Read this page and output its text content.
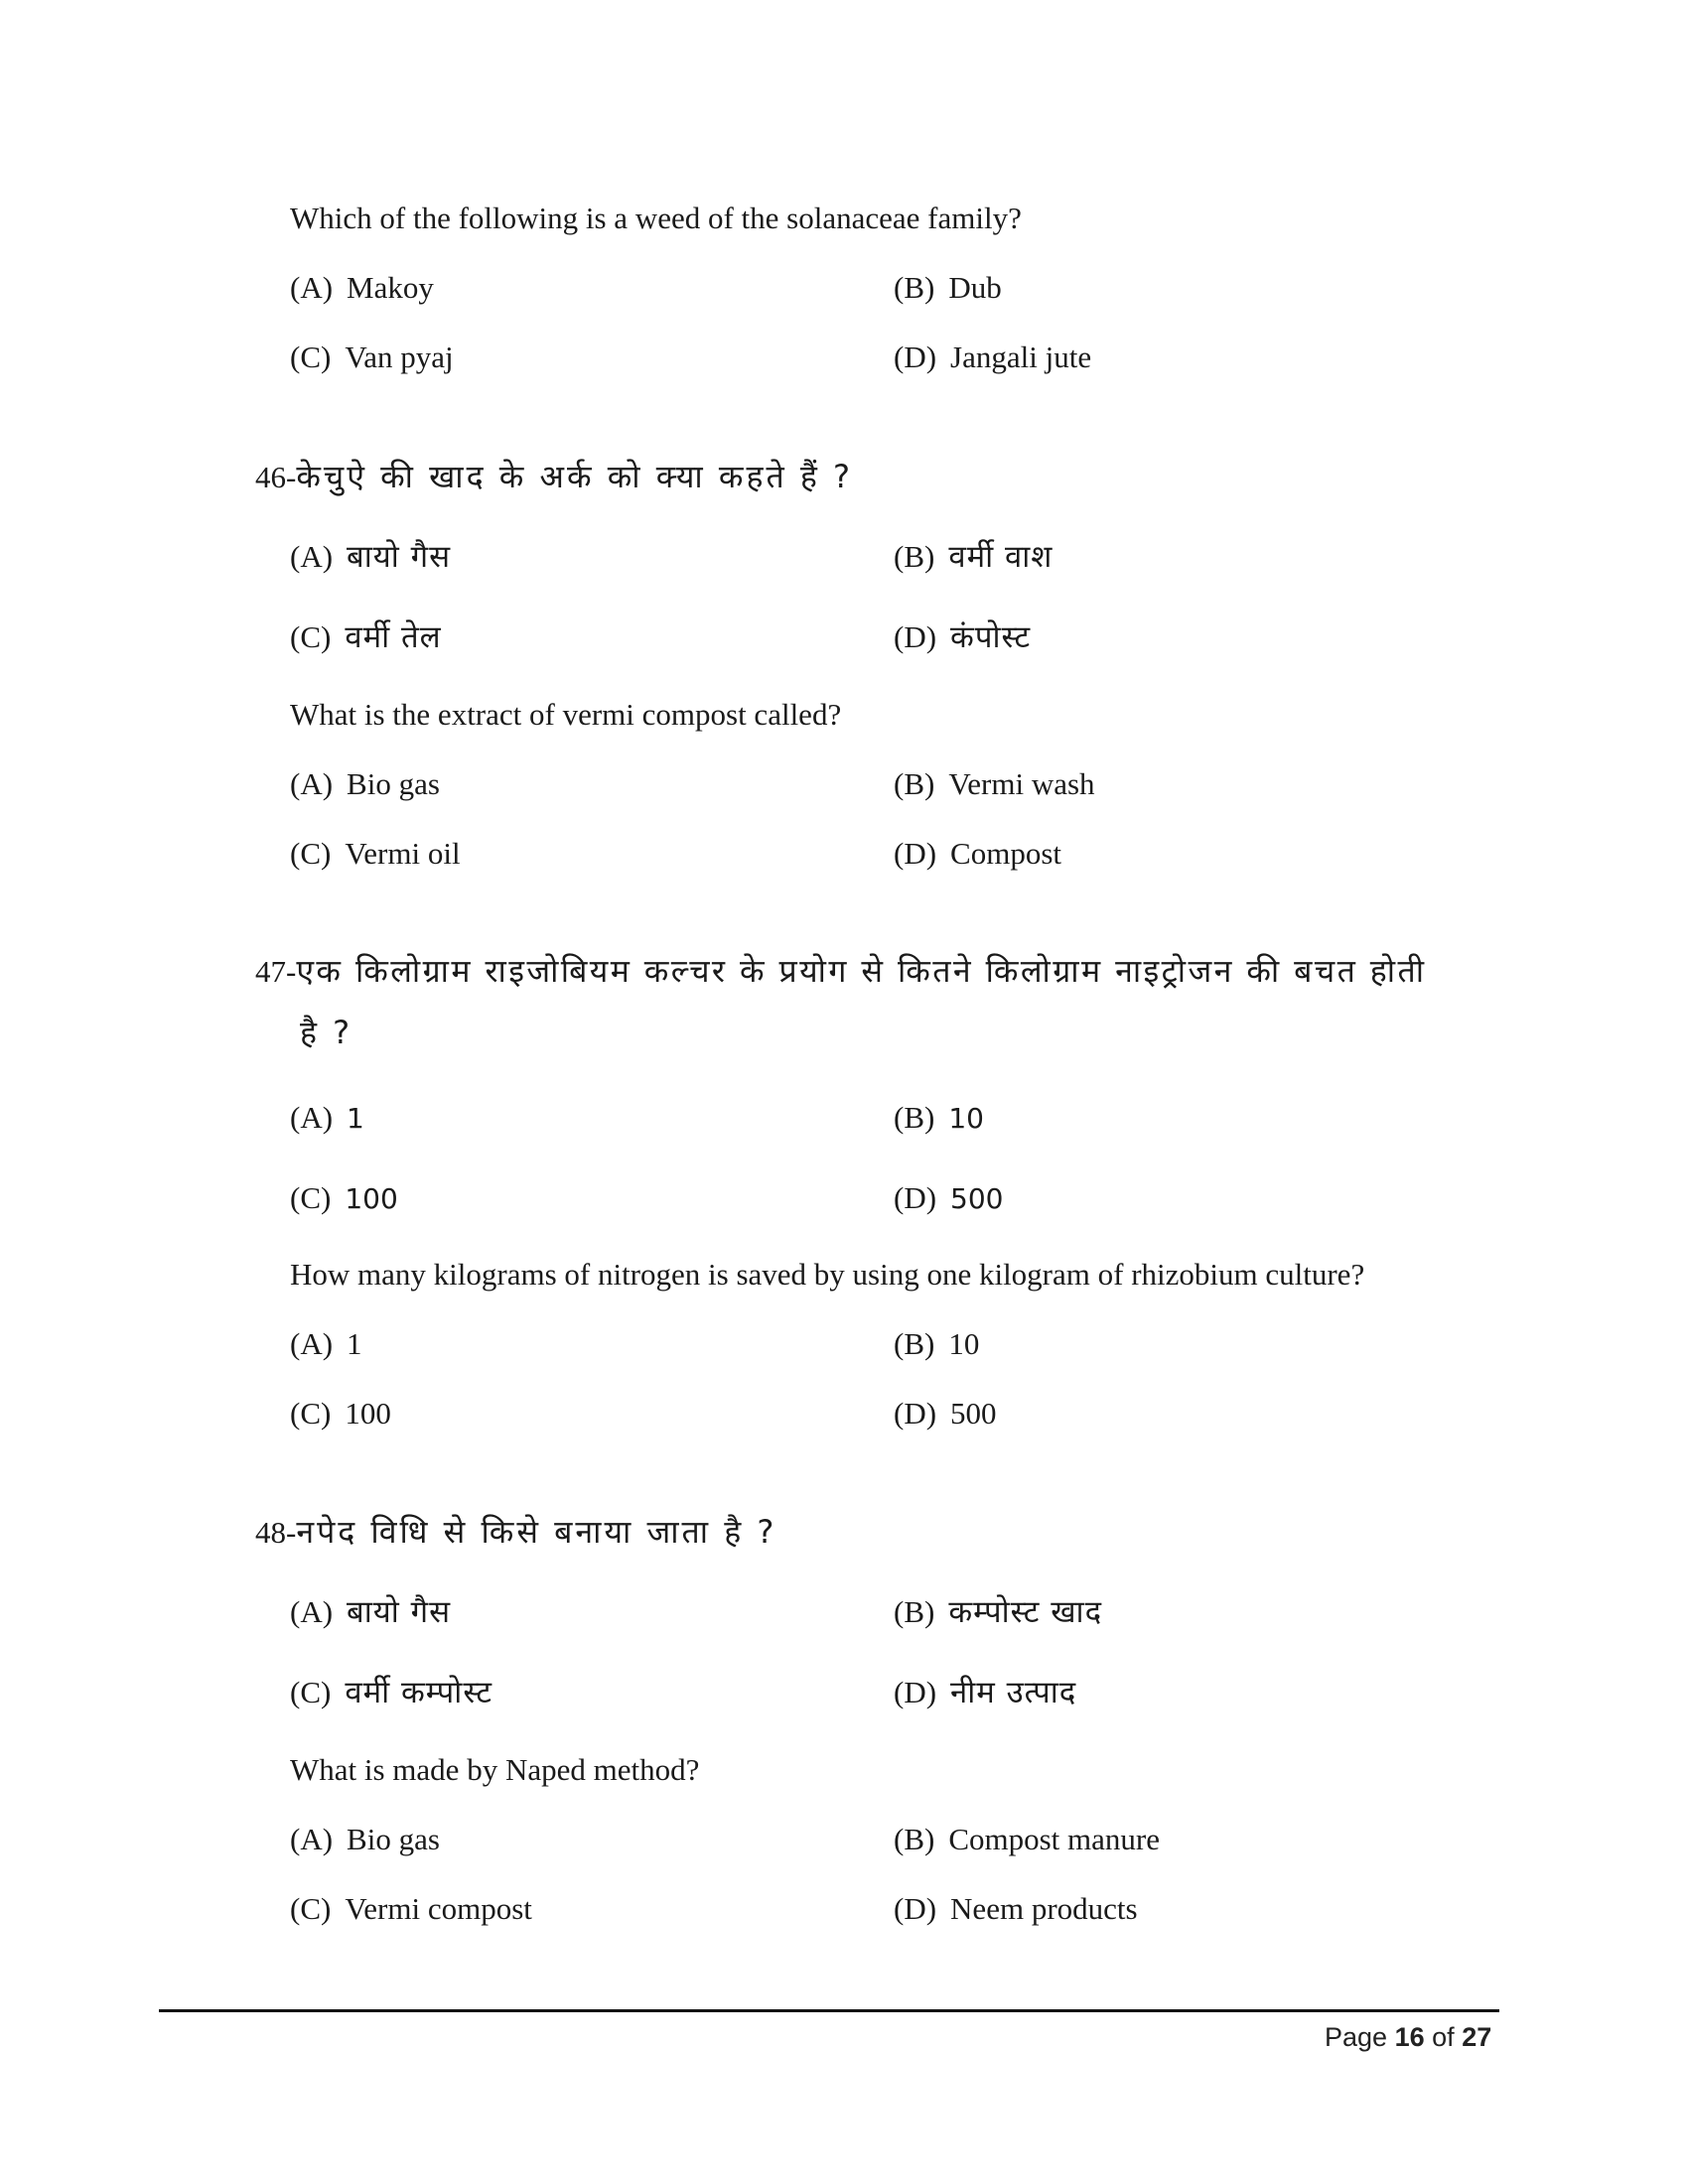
Which of the following is a weed of the solanaceae family?
(A) Makoy	(B) Dub
(C) Van pyaj	(D) Jangali jute
46-केचुऐ की खाद के अर्क को क्या कहते हैं ?
(A) बायो गैस	(B) वर्मी वाश
(C) वर्मी तेल	(D) कंपोस्ट
What is the extract of vermi compost called?
(A) Bio gas	(B) Vermi wash
(C) Vermi oil	(D) Compost
47-एक किलोग्राम राइजोबियम कल्चर के प्रयोग से कितने किलोग्राम नाइट्रोजन की बचत होती
है ?
(A) 1	(B) 10
(C) 100	(D) 500
How many kilograms of nitrogen is saved by using one kilogram of rhizobium culture?
(A) 1	(B) 10
(C) 100	(D) 500
48-नपेद विधि से किसे बनाया जाता है ?
(A) बायो गैस	(B) कम्पोस्ट खाद
(C) वर्मी कम्पोस्ट	(D) नीम उत्पाद
What is made by Naped method?
(A) Bio gas	(B) Compost manure
(C) Vermi compost	(D) Neem products
Page 16 of 27
